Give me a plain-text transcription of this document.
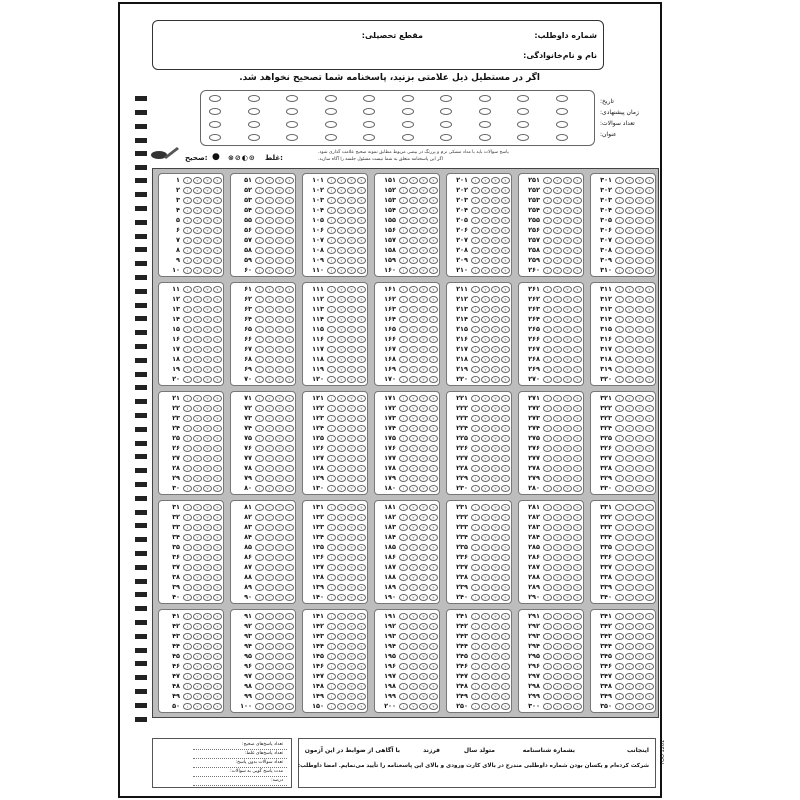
شماره داوطلب:
مقطع تحصیلی:
نام و نام‌خانوادگی:
اگر در مستطیل ذیل علامتی بزنید، پاسخنامه شما تصحیح نخواهد شد.
تاریخ:
زمان پیشنهادی:
تعداد سوالات:
عنوان:
پاسخ سوالات باید با مداد مشکی نرم و پررنگ در بیضی مربوط مطابق نمونه صحیح علامت گذاری شود.
اگر این پاسخنامه متعلق به شما نیست مسئول جلسه را آگاه سازید.
صحیح: ● ⊗⊘◐⊙ غلط:
۱	۱	۲	۳	۴
۲	۱	۲	۳	۴
۳	۱	۲	۳	۴
۴	۱	۲	۳	۴
۵	۱	۲	۳	۴
۶	۱	۲	۳	۴
۷	۱	۲	۳	۴
۸	۱	۲	۳	۴
۹	۱	۲	۳	۴
۱۰	۱	۲	۳	۴
۱۱	۱	۲	۳	۴
۱۲	۱	۲	۳	۴
۱۳	۱	۲	۳	۴
۱۴	۱	۲	۳	۴
۱۵	۱	۲	۳	۴
۱۶	۱	۲	۳	۴
۱۷	۱	۲	۳	۴
۱۸	۱	۲	۳	۴
۱۹	۱	۲	۳	۴
۲۰	۱	۲	۳	۴
۲۱	۱	۲	۳	۴
۲۲	۱	۲	۳	۴
۲۳	۱	۲	۳	۴
۲۴	۱	۲	۳	۴
۲۵	۱	۲	۳	۴
۲۶	۱	۲	۳	۴
۲۷	۱	۲	۳	۴
۲۸	۱	۲	۳	۴
۲۹	۱	۲	۳	۴
۳۰	۱	۲	۳	۴
۳۱	۱	۲	۳	۴
۳۲	۱	۲	۳	۴
۳۳	۱	۲	۳	۴
۳۴	۱	۲	۳	۴
۳۵	۱	۲	۳	۴
۳۶	۱	۲	۳	۴
۳۷	۱	۲	۳	۴
۳۸	۱	۲	۳	۴
۳۹	۱	۲	۳	۴
۴۰	۱	۲	۳	۴
۴۱	۱	۲	۳	۴
۴۲	۱	۲	۳	۴
۴۳	۱	۲	۳	۴
۴۴	۱	۲	۳	۴
۴۵	۱	۲	۳	۴
۴۶	۱	۲	۳	۴
۴۷	۱	۲	۳	۴
۴۸	۱	۲	۳	۴
۴۹	۱	۲	۳	۴
۵۰	۱	۲	۳	۴
۵۱	۱	۲	۳	۴
۵۲	۱	۲	۳	۴
۵۳	۱	۲	۳	۴
۵۴	۱	۲	۳	۴
۵۵	۱	۲	۳	۴
۵۶	۱	۲	۳	۴
۵۷	۱	۲	۳	۴
۵۸	۱	۲	۳	۴
۵۹	۱	۲	۳	۴
۶۰	۱	۲	۳	۴
۶۱	۱	۲	۳	۴
۶۲	۱	۲	۳	۴
۶۳	۱	۲	۳	۴
۶۴	۱	۲	۳	۴
۶۵	۱	۲	۳	۴
۶۶	۱	۲	۳	۴
۶۷	۱	۲	۳	۴
۶۸	۱	۲	۳	۴
۶۹	۱	۲	۳	۴
۷۰	۱	۲	۳	۴
۷۱	۱	۲	۳	۴
۷۲	۱	۲	۳	۴
۷۳	۱	۲	۳	۴
۷۴	۱	۲	۳	۴
۷۵	۱	۲	۳	۴
۷۶	۱	۲	۳	۴
۷۷	۱	۲	۳	۴
۷۸	۱	۲	۳	۴
۷۹	۱	۲	۳	۴
۸۰	۱	۲	۳	۴
۸۱	۱	۲	۳	۴
۸۲	۱	۲	۳	۴
۸۳	۱	۲	۳	۴
۸۴	۱	۲	۳	۴
۸۵	۱	۲	۳	۴
۸۶	۱	۲	۳	۴
۸۷	۱	۲	۳	۴
۸۸	۱	۲	۳	۴
۸۹	۱	۲	۳	۴
۹۰	۱	۲	۳	۴
۹۱	۱	۲	۳	۴
۹۲	۱	۲	۳	۴
۹۳	۱	۲	۳	۴
۹۴	۱	۲	۳	۴
۹۵	۱	۲	۳	۴
۹۶	۱	۲	۳	۴
۹۷	۱	۲	۳	۴
۹۸	۱	۲	۳	۴
۹۹	۱	۲	۳	۴
۱۰۰	۱	۲	۳	۴
۱۰۱	۱	۲	۳	۴
۱۰۲	۱	۲	۳	۴
۱۰۳	۱	۲	۳	۴
۱۰۴	۱	۲	۳	۴
۱۰۵	۱	۲	۳	۴
۱۰۶	۱	۲	۳	۴
۱۰۷	۱	۲	۳	۴
۱۰۸	۱	۲	۳	۴
۱۰۹	۱	۲	۳	۴
۱۱۰	۱	۲	۳	۴
۱۱۱	۱	۲	۳	۴
۱۱۲	۱	۲	۳	۴
۱۱۳	۱	۲	۳	۴
۱۱۴	۱	۲	۳	۴
۱۱۵	۱	۲	۳	۴
۱۱۶	۱	۲	۳	۴
۱۱۷	۱	۲	۳	۴
۱۱۸	۱	۲	۳	۴
۱۱۹	۱	۲	۳	۴
۱۲۰	۱	۲	۳	۴
۱۲۱	۱	۲	۳	۴
۱۲۲	۱	۲	۳	۴
۱۲۳	۱	۲	۳	۴
۱۲۴	۱	۲	۳	۴
۱۲۵	۱	۲	۳	۴
۱۲۶	۱	۲	۳	۴
۱۲۷	۱	۲	۳	۴
۱۲۸	۱	۲	۳	۴
۱۲۹	۱	۲	۳	۴
۱۳۰	۱	۲	۳	۴
۱۳۱	۱	۲	۳	۴
۱۳۲	۱	۲	۳	۴
۱۳۳	۱	۲	۳	۴
۱۳۴	۱	۲	۳	۴
۱۳۵	۱	۲	۳	۴
۱۳۶	۱	۲	۳	۴
۱۳۷	۱	۲	۳	۴
۱۳۸	۱	۲	۳	۴
۱۳۹	۱	۲	۳	۴
۱۴۰	۱	۲	۳	۴
۱۴۱	۱	۲	۳	۴
۱۴۲	۱	۲	۳	۴
۱۴۳	۱	۲	۳	۴
۱۴۴	۱	۲	۳	۴
۱۴۵	۱	۲	۳	۴
۱۴۶	۱	۲	۳	۴
۱۴۷	۱	۲	۳	۴
۱۴۸	۱	۲	۳	۴
۱۴۹	۱	۲	۳	۴
۱۵۰	۱	۲	۳	۴
۱۵۱	۱	۲	۳	۴
۱۵۲	۱	۲	۳	۴
۱۵۳	۱	۲	۳	۴
۱۵۴	۱	۲	۳	۴
۱۵۵	۱	۲	۳	۴
۱۵۶	۱	۲	۳	۴
۱۵۷	۱	۲	۳	۴
۱۵۸	۱	۲	۳	۴
۱۵۹	۱	۲	۳	۴
۱۶۰	۱	۲	۳	۴
۱۶۱	۱	۲	۳	۴
۱۶۲	۱	۲	۳	۴
۱۶۳	۱	۲	۳	۴
۱۶۴	۱	۲	۳	۴
۱۶۵	۱	۲	۳	۴
۱۶۶	۱	۲	۳	۴
۱۶۷	۱	۲	۳	۴
۱۶۸	۱	۲	۳	۴
۱۶۹	۱	۲	۳	۴
۱۷۰	۱	۲	۳	۴
۱۷۱	۱	۲	۳	۴
۱۷۲	۱	۲	۳	۴
۱۷۳	۱	۲	۳	۴
۱۷۴	۱	۲	۳	۴
۱۷۵	۱	۲	۳	۴
۱۷۶	۱	۲	۳	۴
۱۷۷	۱	۲	۳	۴
۱۷۸	۱	۲	۳	۴
۱۷۹	۱	۲	۳	۴
۱۸۰	۱	۲	۳	۴
۱۸۱	۱	۲	۳	۴
۱۸۲	۱	۲	۳	۴
۱۸۳	۱	۲	۳	۴
۱۸۴	۱	۲	۳	۴
۱۸۵	۱	۲	۳	۴
۱۸۶	۱	۲	۳	۴
۱۸۷	۱	۲	۳	۴
۱۸۸	۱	۲	۳	۴
۱۸۹	۱	۲	۳	۴
۱۹۰	۱	۲	۳	۴
۱۹۱	۱	۲	۳	۴
۱۹۲	۱	۲	۳	۴
۱۹۳	۱	۲	۳	۴
۱۹۴	۱	۲	۳	۴
۱۹۵	۱	۲	۳	۴
۱۹۶	۱	۲	۳	۴
۱۹۷	۱	۲	۳	۴
۱۹۸	۱	۲	۳	۴
۱۹۹	۱	۲	۳	۴
۲۰۰	۱	۲	۳	۴
۲۰۱	۱	۲	۳	۴
۲۰۲	۱	۲	۳	۴
۲۰۳	۱	۲	۳	۴
۲۰۴	۱	۲	۳	۴
۲۰۵	۱	۲	۳	۴
۲۰۶	۱	۲	۳	۴
۲۰۷	۱	۲	۳	۴
۲۰۸	۱	۲	۳	۴
۲۰۹	۱	۲	۳	۴
۲۱۰	۱	۲	۳	۴
۲۱۱	۱	۲	۳	۴
۲۱۲	۱	۲	۳	۴
۲۱۳	۱	۲	۳	۴
۲۱۴	۱	۲	۳	۴
۲۱۵	۱	۲	۳	۴
۲۱۶	۱	۲	۳	۴
۲۱۷	۱	۲	۳	۴
۲۱۸	۱	۲	۳	۴
۲۱۹	۱	۲	۳	۴
۲۲۰	۱	۲	۳	۴
۲۲۱	۱	۲	۳	۴
۲۲۲	۱	۲	۳	۴
۲۲۳	۱	۲	۳	۴
۲۲۴	۱	۲	۳	۴
۲۲۵	۱	۲	۳	۴
۲۲۶	۱	۲	۳	۴
۲۲۷	۱	۲	۳	۴
۲۲۸	۱	۲	۳	۴
۲۲۹	۱	۲	۳	۴
۲۳۰	۱	۲	۳	۴
۲۳۱	۱	۲	۳	۴
۲۳۲	۱	۲	۳	۴
۲۳۳	۱	۲	۳	۴
۲۳۴	۱	۲	۳	۴
۲۳۵	۱	۲	۳	۴
۲۳۶	۱	۲	۳	۴
۲۳۷	۱	۲	۳	۴
۲۳۸	۱	۲	۳	۴
۲۳۹	۱	۲	۳	۴
۲۴۰	۱	۲	۳	۴
۲۴۱	۱	۲	۳	۴
۲۴۲	۱	۲	۳	۴
۲۴۳	۱	۲	۳	۴
۲۴۴	۱	۲	۳	۴
۲۴۵	۱	۲	۳	۴
۲۴۶	۱	۲	۳	۴
۲۴۷	۱	۲	۳	۴
۲۴۸	۱	۲	۳	۴
۲۴۹	۱	۲	۳	۴
۲۵۰	۱	۲	۳	۴
۲۵۱	۱	۲	۳	۴
۲۵۲	۱	۲	۳	۴
۲۵۳	۱	۲	۳	۴
۲۵۴	۱	۲	۳	۴
۲۵۵	۱	۲	۳	۴
۲۵۶	۱	۲	۳	۴
۲۵۷	۱	۲	۳	۴
۲۵۸	۱	۲	۳	۴
۲۵۹	۱	۲	۳	۴
۲۶۰	۱	۲	۳	۴
۲۶۱	۱	۲	۳	۴
۲۶۲	۱	۲	۳	۴
۲۶۳	۱	۲	۳	۴
۲۶۴	۱	۲	۳	۴
۲۶۵	۱	۲	۳	۴
۲۶۶	۱	۲	۳	۴
۲۶۷	۱	۲	۳	۴
۲۶۸	۱	۲	۳	۴
۲۶۹	۱	۲	۳	۴
۲۷۰	۱	۲	۳	۴
۲۷۱	۱	۲	۳	۴
۲۷۲	۱	۲	۳	۴
۲۷۳	۱	۲	۳	۴
۲۷۴	۱	۲	۳	۴
۲۷۵	۱	۲	۳	۴
۲۷۶	۱	۲	۳	۴
۲۷۷	۱	۲	۳	۴
۲۷۸	۱	۲	۳	۴
۲۷۹	۱	۲	۳	۴
۲۸۰	۱	۲	۳	۴
۲۸۱	۱	۲	۳	۴
۲۸۲	۱	۲	۳	۴
۲۸۳	۱	۲	۳	۴
۲۸۴	۱	۲	۳	۴
۲۸۵	۱	۲	۳	۴
۲۸۶	۱	۲	۳	۴
۲۸۷	۱	۲	۳	۴
۲۸۸	۱	۲	۳	۴
۲۸۹	۱	۲	۳	۴
۲۹۰	۱	۲	۳	۴
۲۹۱	۱	۲	۳	۴
۲۹۲	۱	۲	۳	۴
۲۹۳	۱	۲	۳	۴
۲۹۴	۱	۲	۳	۴
۲۹۵	۱	۲	۳	۴
۲۹۶	۱	۲	۳	۴
۲۹۷	۱	۲	۳	۴
۲۹۸	۱	۲	۳	۴
۲۹۹	۱	۲	۳	۴
۳۰۰	۱	۲	۳	۴
۳۰۱	۱	۲	۳	۴
۳۰۲	۱	۲	۳	۴
۳۰۳	۱	۲	۳	۴
۳۰۴	۱	۲	۳	۴
۳۰۵	۱	۲	۳	۴
۳۰۶	۱	۲	۳	۴
۳۰۷	۱	۲	۳	۴
۳۰۸	۱	۲	۳	۴
۳۰۹	۱	۲	۳	۴
۳۱۰	۱	۲	۳	۴
۳۱۱	۱	۲	۳	۴
۳۱۲	۱	۲	۳	۴
۳۱۳	۱	۲	۳	۴
۳۱۴	۱	۲	۳	۴
۳۱۵	۱	۲	۳	۴
۳۱۶	۱	۲	۳	۴
۳۱۷	۱	۲	۳	۴
۳۱۸	۱	۲	۳	۴
۳۱۹	۱	۲	۳	۴
۳۲۰	۱	۲	۳	۴
۳۲۱	۱	۲	۳	۴
۳۲۲	۱	۲	۳	۴
۳۲۳	۱	۲	۳	۴
۳۲۴	۱	۲	۳	۴
۳۲۵	۱	۲	۳	۴
۳۲۶	۱	۲	۳	۴
۳۲۷	۱	۲	۳	۴
۳۲۸	۱	۲	۳	۴
۳۲۹	۱	۲	۳	۴
۳۳۰	۱	۲	۳	۴
۳۳۱	۱	۲	۳	۴
۳۳۲	۱	۲	۳	۴
۳۳۳	۱	۲	۳	۴
۳۳۴	۱	۲	۳	۴
۳۳۵	۱	۲	۳	۴
۳۳۶	۱	۲	۳	۴
۳۳۷	۱	۲	۳	۴
۳۳۸	۱	۲	۳	۴
۳۳۹	۱	۲	۳	۴
۳۴۰	۱	۲	۳	۴
۳۴۱	۱	۲	۳	۴
۳۴۲	۱	۲	۳	۴
۳۴۳	۱	۲	۳	۴
۳۴۴	۱	۲	۳	۴
۳۴۵	۱	۲	۳	۴
۳۴۶	۱	۲	۳	۴
۳۴۷	۱	۲	۳	۴
۳۴۸	۱	۲	۳	۴
۳۴۹	۱	۲	۳	۴
۳۵۰	۱	۲	۳	۴
تعداد پاسخ‌های صحیح:
تعداد پاسخ‌های غلط:
تعداد سوالات بدون پاسخ:
مدت پاسخ گویی به سوالات:
درصد:
اینجانب
بشماره شناسنامه
متولد سال
فرزند
با آگاهی از ضوابط در این آزمون
شرکت کرده‌ام و یکسان بودن شماره داوطلبی مندرج در بالای کارت ورودی و بالای این پاسخنامه را تأیید می‌نمایم. امضا داوطلب:
TOO 1201
